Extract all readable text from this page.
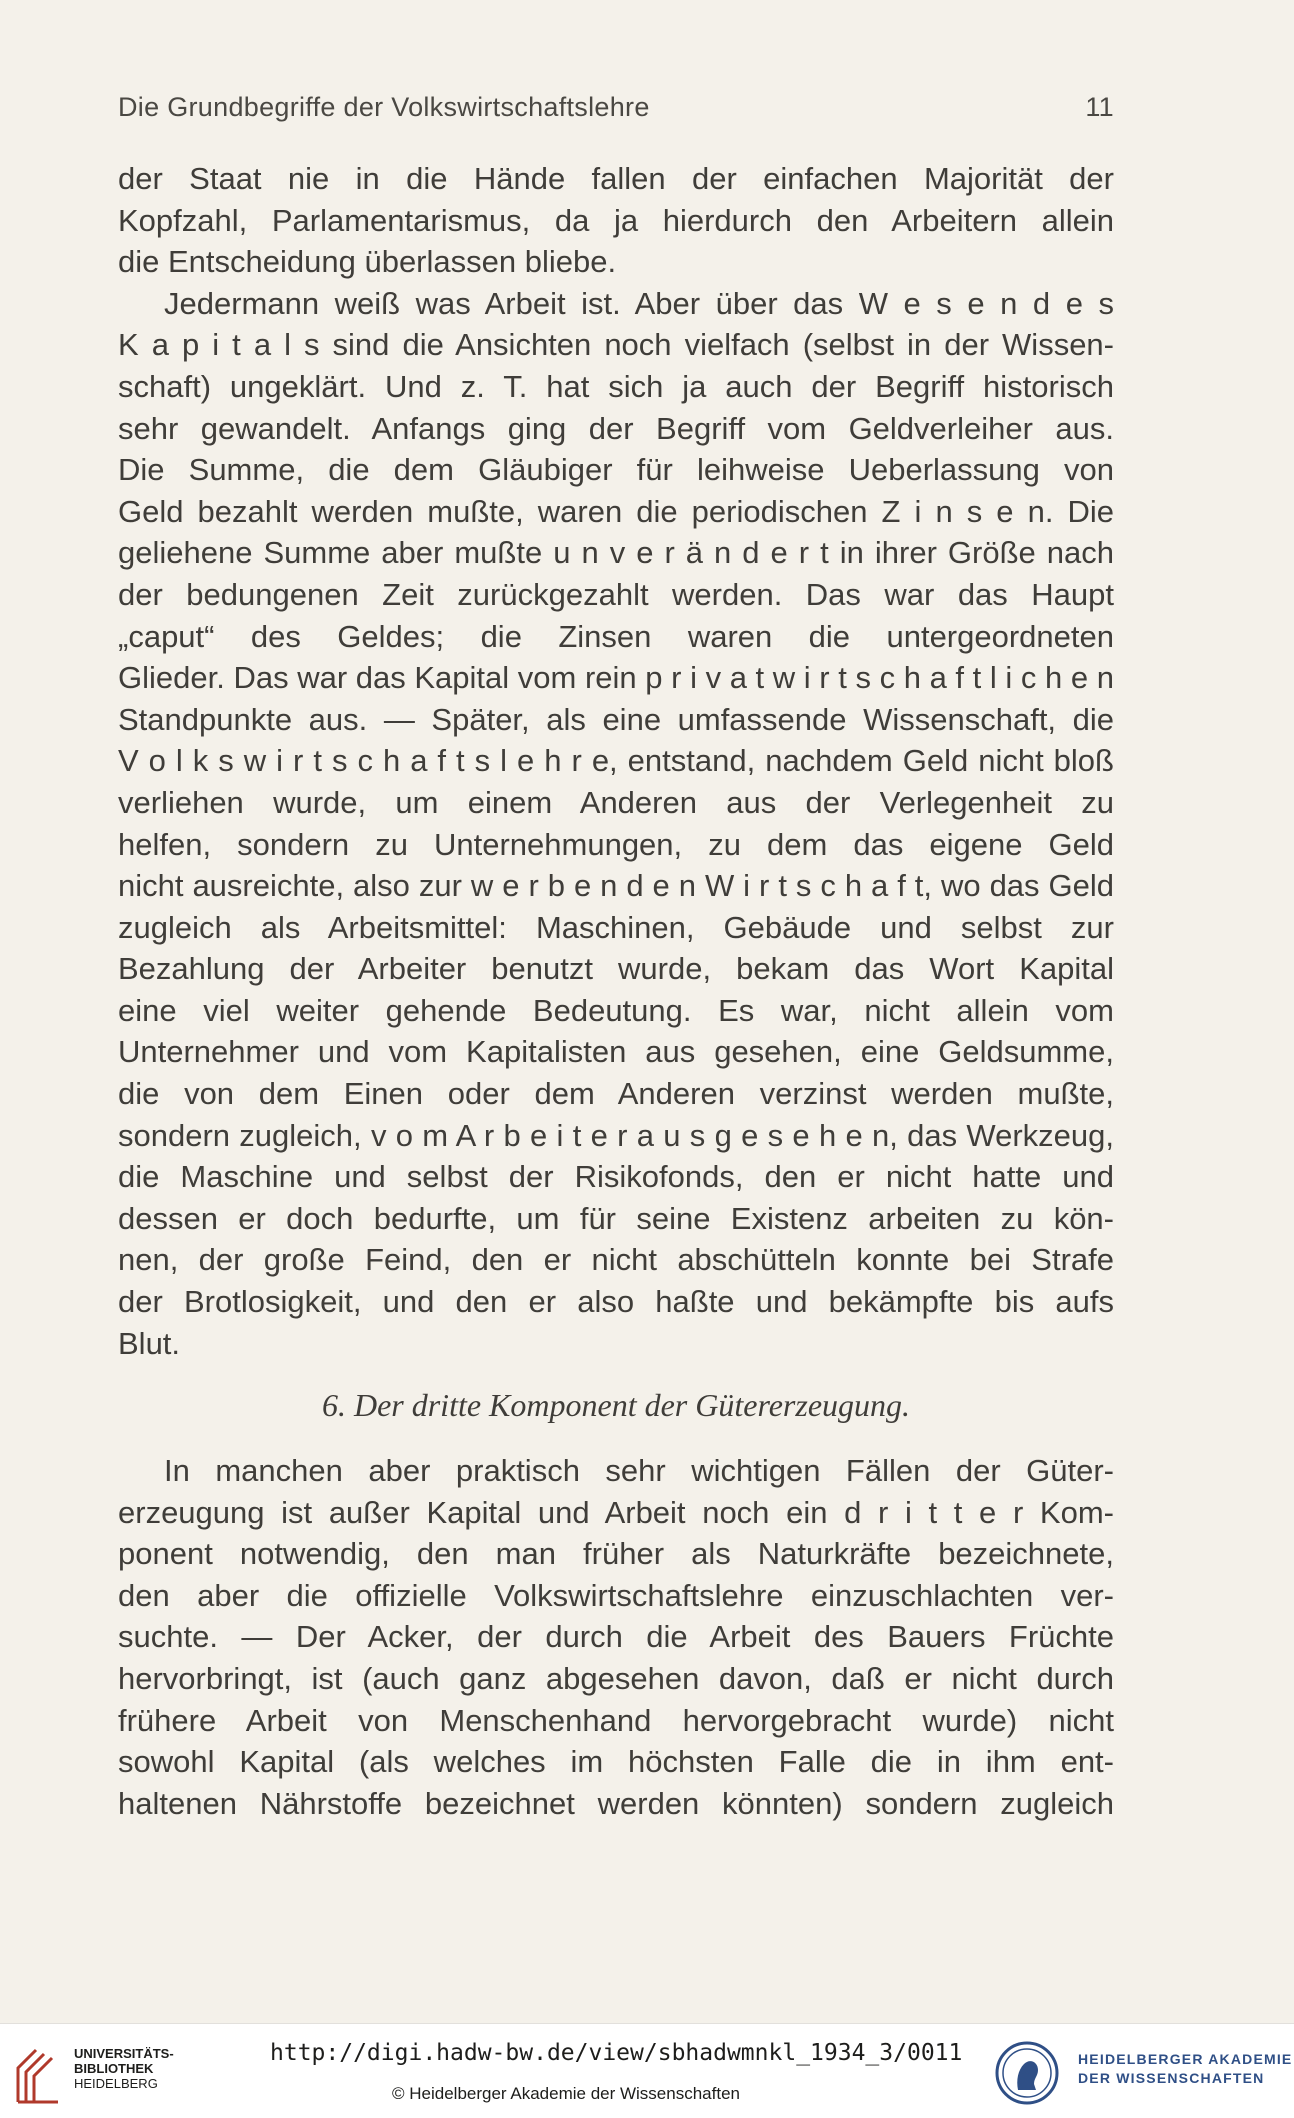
Die Grundbegriffe der Volkswirtschaftslehre	11
der Staat nie in die Hände fallen der einfachen Majorität der
Kopfzahl, Parlamentarismus, da ja hierdurch den Arbeitern allein
die Entscheidung überlassen bliebe.
Jedermann weiß was Arbeit ist. Aber über das W e s e n d e s
K a p i t a l s sind die Ansichten noch vielfach (selbst in der Wissen-
schaft) ungeklärt. Und z. T. hat sich ja auch der Begriff historisch
sehr gewandelt. Anfangs ging der Begriff vom Geldverleiher aus.
Die Summe, die dem Gläubiger für leihweise Ueberlassung von
Geld bezahlt werden mußte, waren die periodischen Z i n s e n. Die
geliehene Summe aber mußte u n v e r ä n d e r t in ihrer Größe nach
der bedungenen Zeit zurückgezahlt werden. Das war das Haupt
„caput“ des Geldes; die Zinsen waren die untergeordneten
Glieder. Das war das Kapital vom rein p r i v a t w i r t s c h a f t l i c h e n
Standpunkte aus. — Später, als eine umfassende Wissenschaft, die
V o l k s w i r t s c h a f t s l e h r e, entstand, nachdem Geld nicht bloß
verliehen wurde, um einem Anderen aus der Verlegenheit zu
helfen, sondern zu Unternehmungen, zu dem das eigene Geld
nicht ausreichte, also zur w e r b e n d e n W i r t s c h a f t, wo das Geld
zugleich als Arbeitsmittel: Maschinen, Gebäude und selbst zur
Bezahlung der Arbeiter benutzt wurde, bekam das Wort Kapital
eine viel weiter gehende Bedeutung. Es war, nicht allein vom
Unternehmer und vom Kapitalisten aus gesehen, eine Geldsumme,
die von dem Einen oder dem Anderen verzinst werden mußte,
sondern zugleich, v o m A r b e i t e r a u s g e s e h e n, das Werkzeug,
die Maschine und selbst der Risikofonds, den er nicht hatte und
dessen er doch bedurfte, um für seine Existenz arbeiten zu kön-
nen, der große Feind, den er nicht abschütteln konnte bei Strafe
der Brotlosigkeit, und den er also haßte und bekämpfte bis aufs
Blut.
6. Der dritte Komponent der Gütererzeugung.
In manchen aber praktisch sehr wichtigen Fällen der Güter-
erzeugung ist außer Kapital und Arbeit noch ein d r i t t e r Kom-
ponent notwendig, den man früher als Naturkräfte bezeichnete,
den aber die offizielle Volkswirtschaftslehre einzuschlachten ver-
suchte. — Der Acker, der durch die Arbeit des Bauers Früchte
hervorbringt, ist (auch ganz abgesehen davon, daß er nicht durch
frühere Arbeit von Menschenhand hervorgebracht wurde) nicht
sowohl Kapital (als welches im höchsten Falle die in ihm ent-
haltenen Nährstoffe bezeichnet werden könnten) sondern zugleich
UNIVERSITÄTS-
BIBLIOTHEK
HEIDELBERG
http://digi.hadw-bw.de/view/sbhadwmnkl_1934_3/0011
© Heidelberger Akademie der Wissenschaften
HEIDELBERGER AKADEMIE
DER WISSENSCHAFTEN
